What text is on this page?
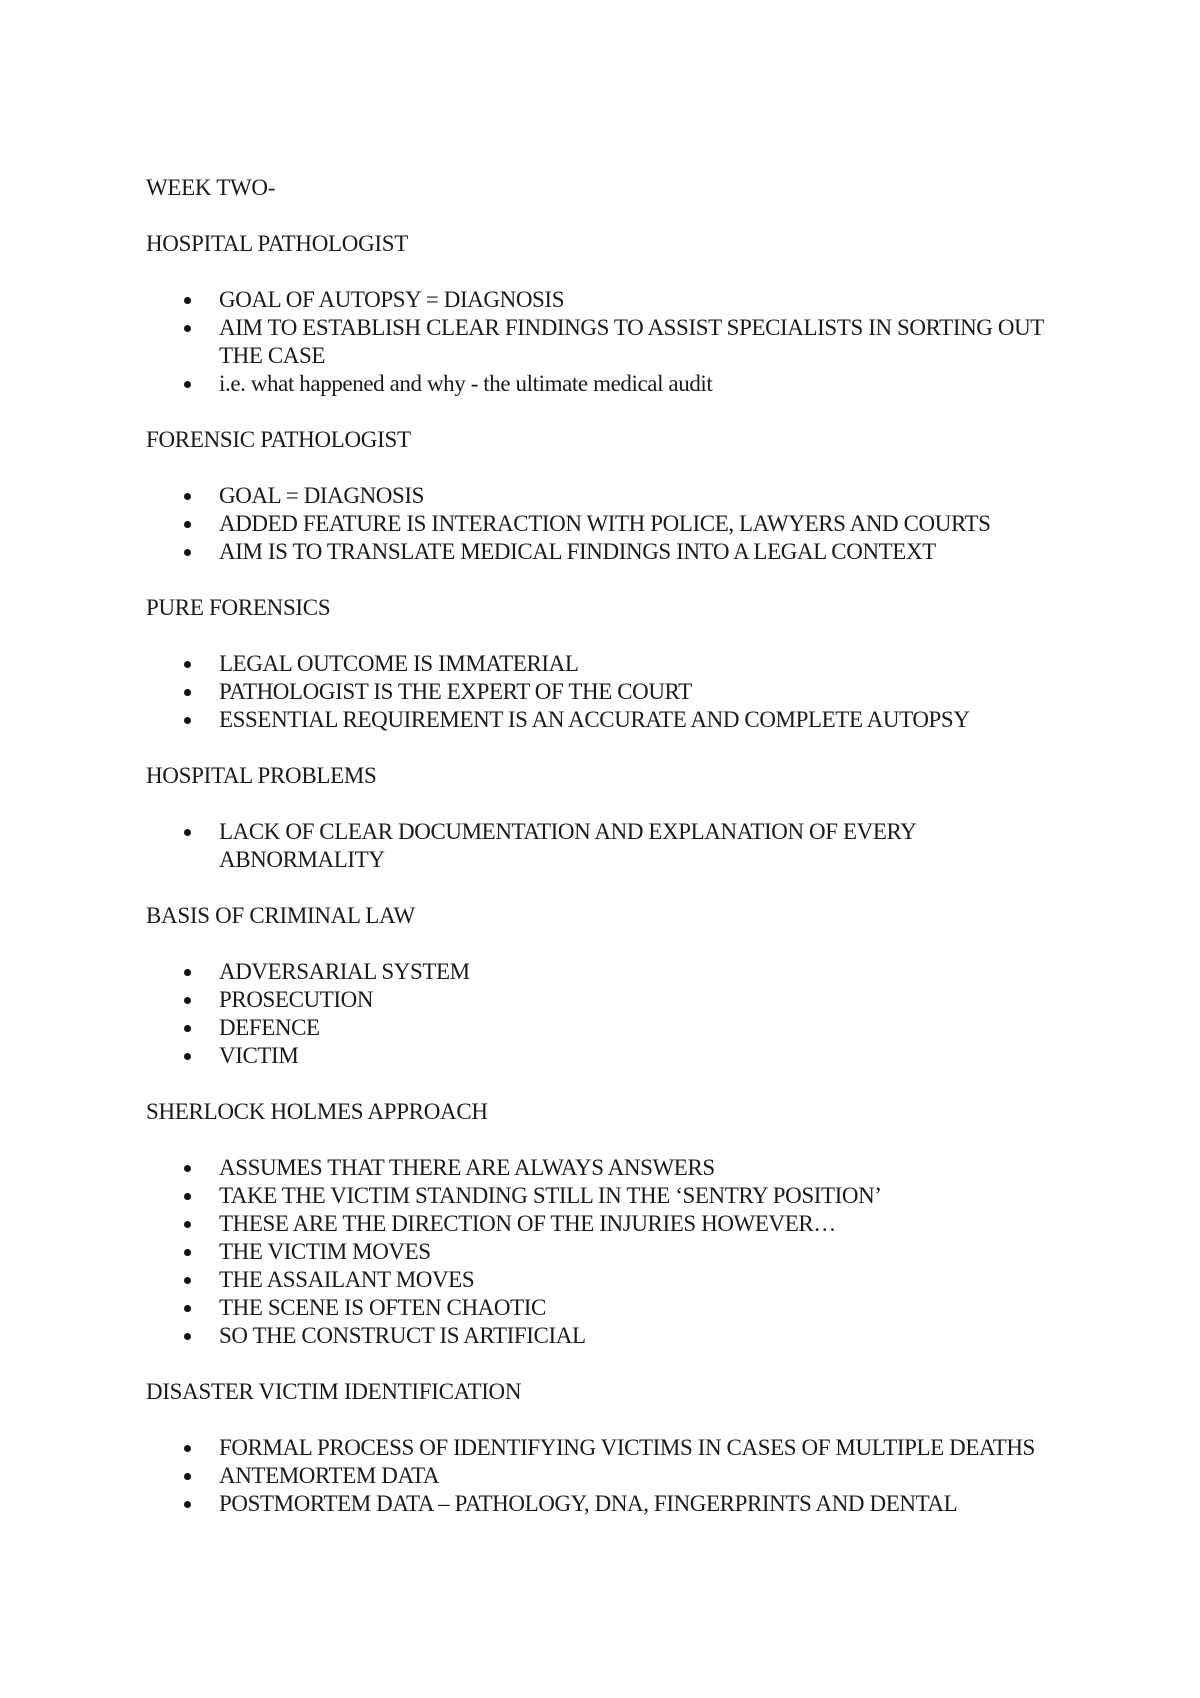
WEEK TWO-

HOSPITAL PATHOLOGIST

GOAL OF AUTOPSY = DIAGNOSIS
AIM TO ESTABLISH CLEAR FINDINGS TO ASSIST SPECIALISTS IN SORTING OUT THE CASE
i.e. what happened and why - the ultimate medical audit

FORENSIC PATHOLOGIST

GOAL = DIAGNOSIS
ADDED FEATURE IS INTERACTION WITH POLICE, LAWYERS AND COURTS
AIM IS TO TRANSLATE MEDICAL FINDINGS INTO A LEGAL CONTEXT

PURE FORENSICS

LEGAL OUTCOME IS IMMATERIAL
PATHOLOGIST IS THE EXPERT OF THE COURT
ESSENTIAL REQUIREMENT IS AN ACCURATE AND COMPLETE AUTOPSY

HOSPITAL PROBLEMS

LACK OF CLEAR DOCUMENTATION AND EXPLANATION OF EVERY ABNORMALITY

BASIS OF CRIMINAL LAW

ADVERSARIAL SYSTEM
PROSECUTION
DEFENCE
VICTIM

SHERLOCK HOLMES APPROACH

ASSUMES THAT THERE ARE ALWAYS ANSWERS
TAKE THE VICTIM STANDING STILL IN THE ‘SENTRY POSITION’
THESE ARE THE DIRECTION OF THE INJURIES HOWEVER…
THE VICTIM MOVES
THE ASSAILANT MOVES
THE SCENE IS OFTEN CHAOTIC
SO THE CONSTRUCT IS ARTIFICIAL

DISASTER VICTIM IDENTIFICATION

FORMAL PROCESS OF IDENTIFYING VICTIMS IN CASES OF MULTIPLE DEATHS
ANTEMORTEM DATA
POSTMORTEM DATA – PATHOLOGY, DNA, FINGERPRINTS AND DENTAL
